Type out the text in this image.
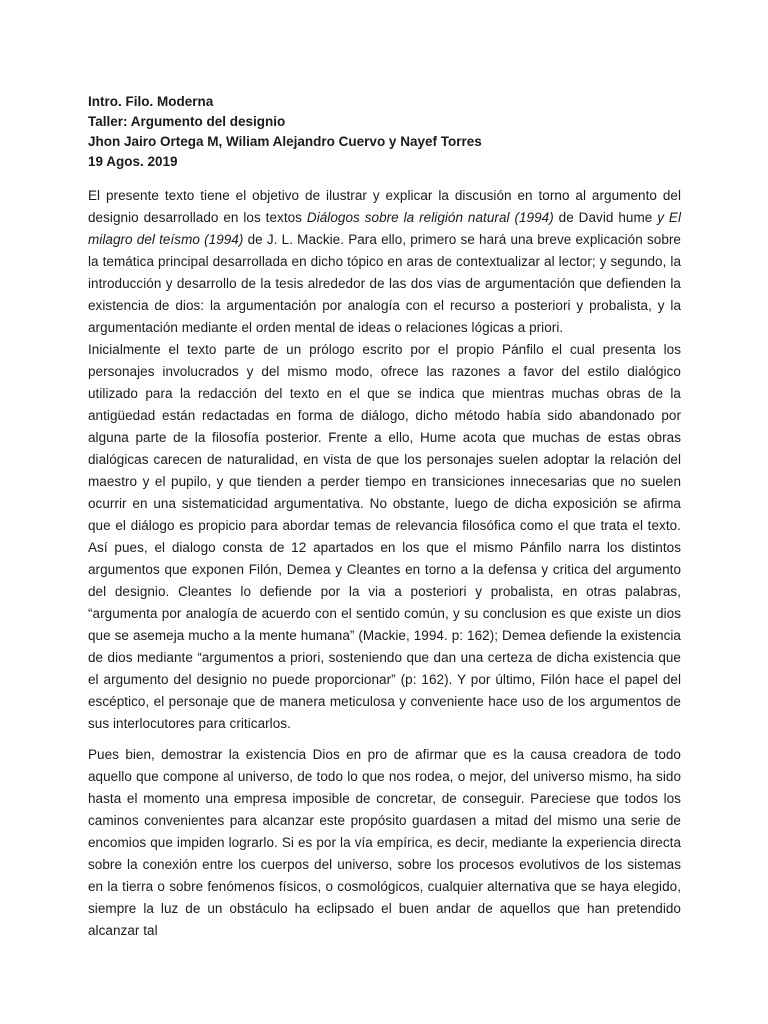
Intro. Filo. Moderna
Taller: Argumento del designio
Jhon Jairo Ortega M, Wiliam Alejandro Cuervo y Nayef Torres
19 Agos. 2019

El presente texto tiene el objetivo de ilustrar y explicar la discusión en torno al argumento del designio desarrollado en los textos Diálogos sobre la religión natural (1994) de David hume y El milagro del teísmo (1994) de J. L. Mackie. Para ello, primero se hará una breve explicación sobre la temática principal desarrollada en dicho tópico en aras de contextualizar al lector; y segundo, la introducción y desarrollo de la tesis alrededor de las dos vias de argumentación que defienden la existencia de dios: la argumentación por analogía con el recurso a posteriori y probalista, y la argumentación mediante el orden mental de ideas o relaciones lógicas a priori.

Inicialmente el texto parte de un prólogo escrito por el propio Pánfilo el cual presenta los personajes involucrados y del mismo modo, ofrece las razones a favor del estilo dialógico utilizado para la redacción del texto en el que se indica que mientras muchas obras de la antigüedad están redactadas en forma de diálogo, dicho método había sido abandonado por alguna parte de la filosofía posterior. Frente a ello, Hume acota que muchas de estas obras dialógicas carecen de naturalidad, en vista de que los personajes suelen adoptar la relación del maestro y el pupilo, y que tienden a perder tiempo en transiciones innecesarias que no suelen ocurrir en una sistematicidad argumentativa. No obstante, luego de dicha exposición se afirma que el diálogo es propicio para abordar temas de relevancia filosófica como el que trata el texto. Así pues, el dialogo consta de 12 apartados en los que el mismo Pánfilo narra los distintos argumentos que exponen Filón, Demea y Cleantes en torno a la defensa y critica del argumento del designio. Cleantes lo defiende por la via a posteriori y probalista, en otras palabras, “argumenta por analogía de acuerdo con el sentido común, y su conclusion es que existe un dios que se asemeja mucho a la mente humana” (Mackie, 1994. p: 162); Demea defiende la existencia de dios mediante “argumentos a priori, sosteniendo que dan una certeza de dicha existencia que el argumento del designio no puede proporcionar” (p: 162). Y por último, Filón hace el papel del escéptico, el personaje que de manera meticulosa y conveniente hace uso de los argumentos de sus interlocutores para criticarlos.

Pues bien, demostrar la existencia Dios en pro de afirmar que es la causa creadora de todo aquello que compone al universo, de todo lo que nos rodea, o mejor, del universo mismo, ha sido hasta el momento una empresa imposible de concretar, de conseguir. Pareciese que todos los caminos convenientes para alcanzar este propósito guardasen a mitad del mismo una serie de encomios que impiden lograrlo. Si es por la vía empírica, es decir, mediante la experiencia directa sobre la conexión entre los cuerpos del universo, sobre los procesos evolutivos de los sistemas en la tierra o sobre fenómenos físicos, o cosmológicos, cualquier alternativa que se haya elegido, siempre la luz de un obstáculo ha eclipsado el buen andar de aquellos que han pretendido alcanzar tal
